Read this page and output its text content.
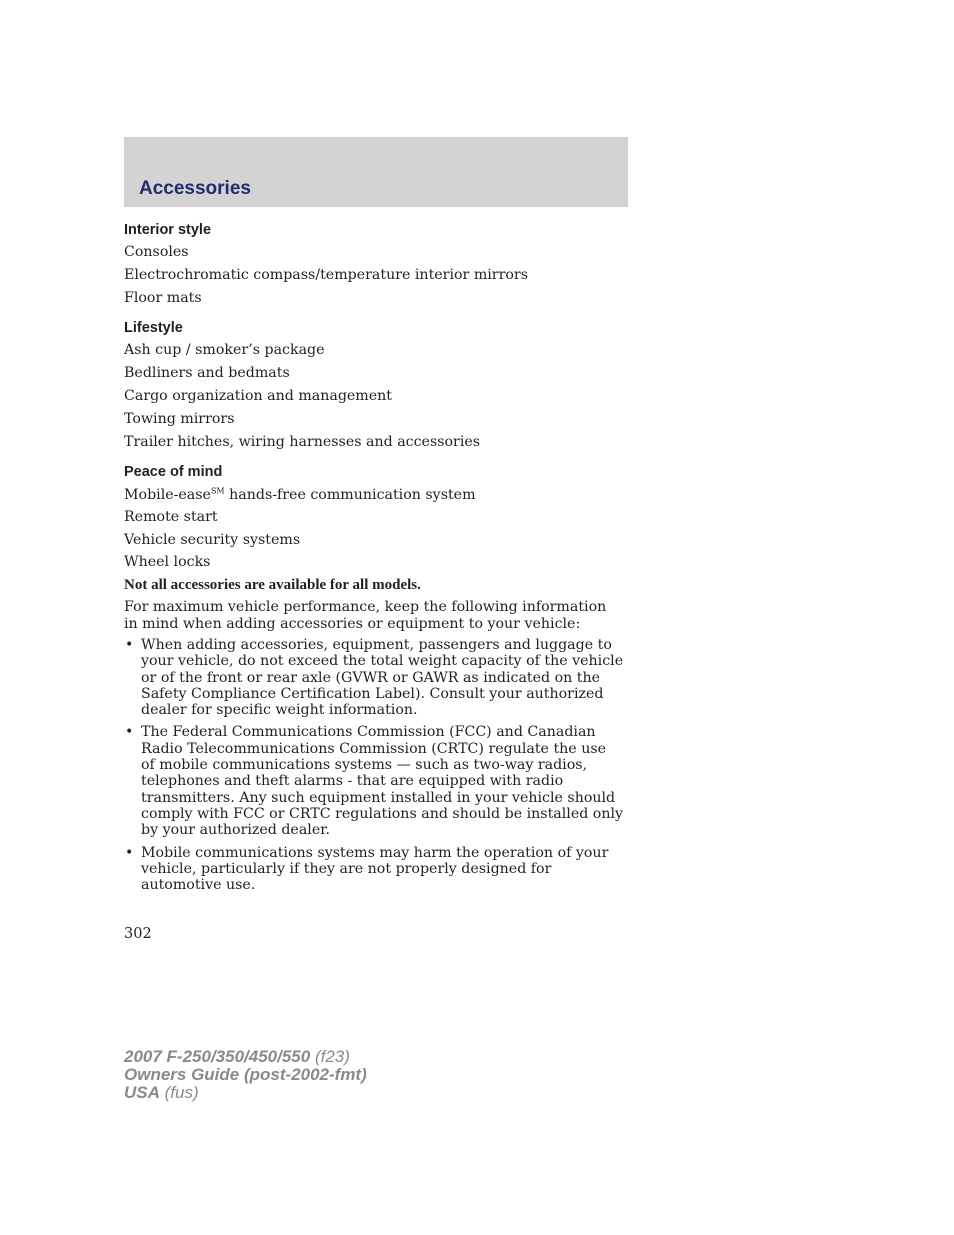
Accessories
Interior style
Consoles
Electrochromatic compass/temperature interior mirrors
Floor mats
Lifestyle
Ash cup / smoker’s package
Bedliners and bedmats
Cargo organization and management
Towing mirrors
Trailer hitches, wiring harnesses and accessories
Peace of mind
Mobile-ease℠ hands-free communication system
Remote start
Vehicle security systems
Wheel locks
Not all accessories are available for all models.
For maximum vehicle performance, keep the following information in mind when adding accessories or equipment to your vehicle:
• When adding accessories, equipment, passengers and luggage to your vehicle, do not exceed the total weight capacity of the vehicle or of the front or rear axle (GVWR or GAWR as indicated on the Safety Compliance Certification Label). Consult your authorized dealer for specific weight information.
• The Federal Communications Commission (FCC) and Canadian Radio Telecommunications Commission (CRTC) regulate the use of mobile communications systems — such as two-way radios, telephones and theft alarms - that are equipped with radio transmitters. Any such equipment installed in your vehicle should comply with FCC or CRTC regulations and should be installed only by your authorized dealer.
• Mobile communications systems may harm the operation of your vehicle, particularly if they are not properly designed for automotive use.
302
2007 F-250/350/450/550 (f23)
Owners Guide (post-2002-fmt)
USA (fus)
